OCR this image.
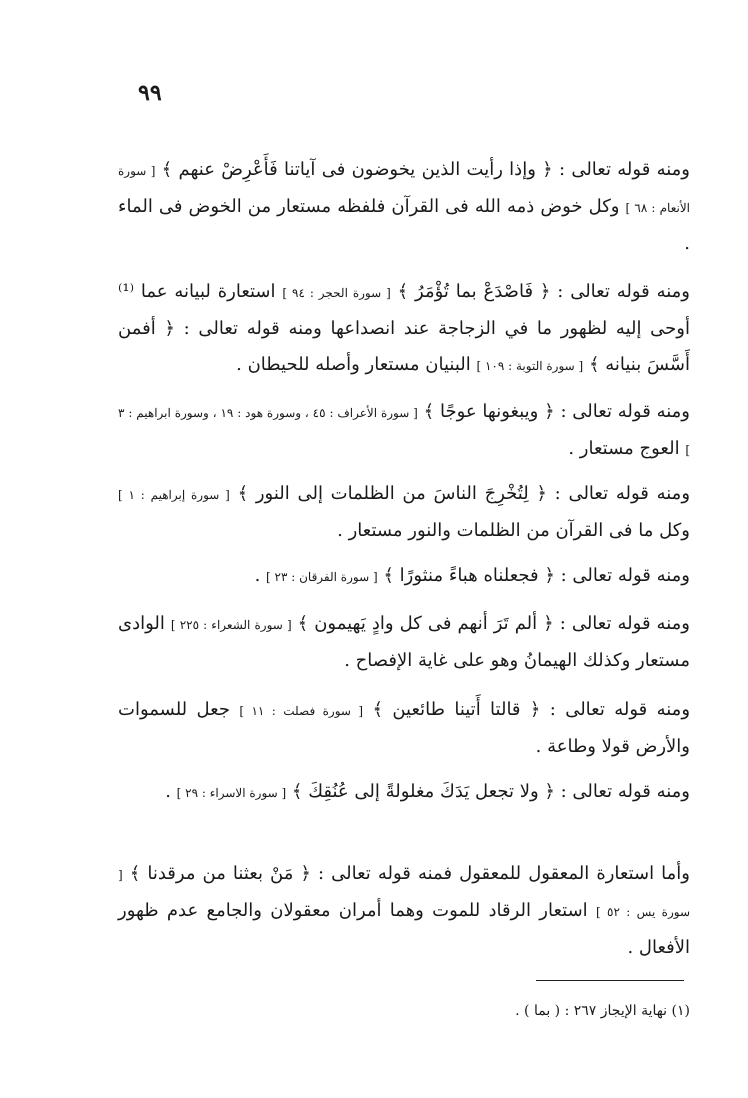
٩٩

ومنه قوله تعالى : ﴿ وإذا رأيت الذين يخوضون فى آياتنا فَأَعْرِضْ عنهم ﴾ [ سورة الأنعام : ٦٨ ] وكل خوض ذمه الله فى القرآن فلفظه مستعار من الخوض فى الماء .

ومنه قوله تعالى : ﴿ فَاصْدَعْ بما تُؤْمَرُ ﴾ [ سورة الحجر : ٩٤ ] استعارة لبيانه عما ⁽¹⁾ أوحى إليه لظهور ما في الزجاجة عند انصداعها ومنه قوله تعالى : ﴿ أفمن أَسَّسَ بنيانه ﴾ [ سورة التوبة : ١٠٩ ] البنيان مستعار وأصله للحيطان .

ومنه قوله تعالى : ﴿ ويبغونها عوجًا ﴾ [ سورة الأعراف : ٤٥ ، وسورة هود : ١٩ ، وسورة ابراهيم : ٣ ] العوج مستعار .

ومنه قوله تعالى : ﴿ لِتُخْرِجَ الناسَ من الظلمات إلى النور ﴾ [ سورة إبراهيم : ١ ] وكل ما فى القرآن من الظلمات والنور مستعار .

ومنه قوله تعالى : ﴿ فجعلناه هباءً منثورًا ﴾ [ سورة الفرقان : ٢٣ ] .

ومنه قوله تعالى : ﴿ ألم تَرَ أنهم فى كل وادٍ يَهيمون ﴾ [ سورة الشعراء : ٢٢٥ ] الوادى مستعار وكذلك الهيمانُ وهو على غاية الإفصاح .

ومنه قوله تعالى : ﴿ قالتا أَتينا طائعين ﴾ [ سورة فصلت : ١١ ] جعل للسموات والأرض قولا وطاعة .

ومنه قوله تعالى : ﴿ ولا تجعل يَدَكَ مغلولةً إلى عُنُقِكَ ﴾ [ سورة الاسراء : ٢٩ ] .

وأما استعارة المعقول للمعقول فمنه قوله تعالى : ﴿ مَنْ بعثنا من مرقدنا ﴾ [ سورة يس : ٥٢ ] استعار الرقاد للموت وهما أمران معقولان والجامع عدم ظهور الأفعال .

(١) نهاية الإيجاز ٢٦٧ : ( بما ) .
